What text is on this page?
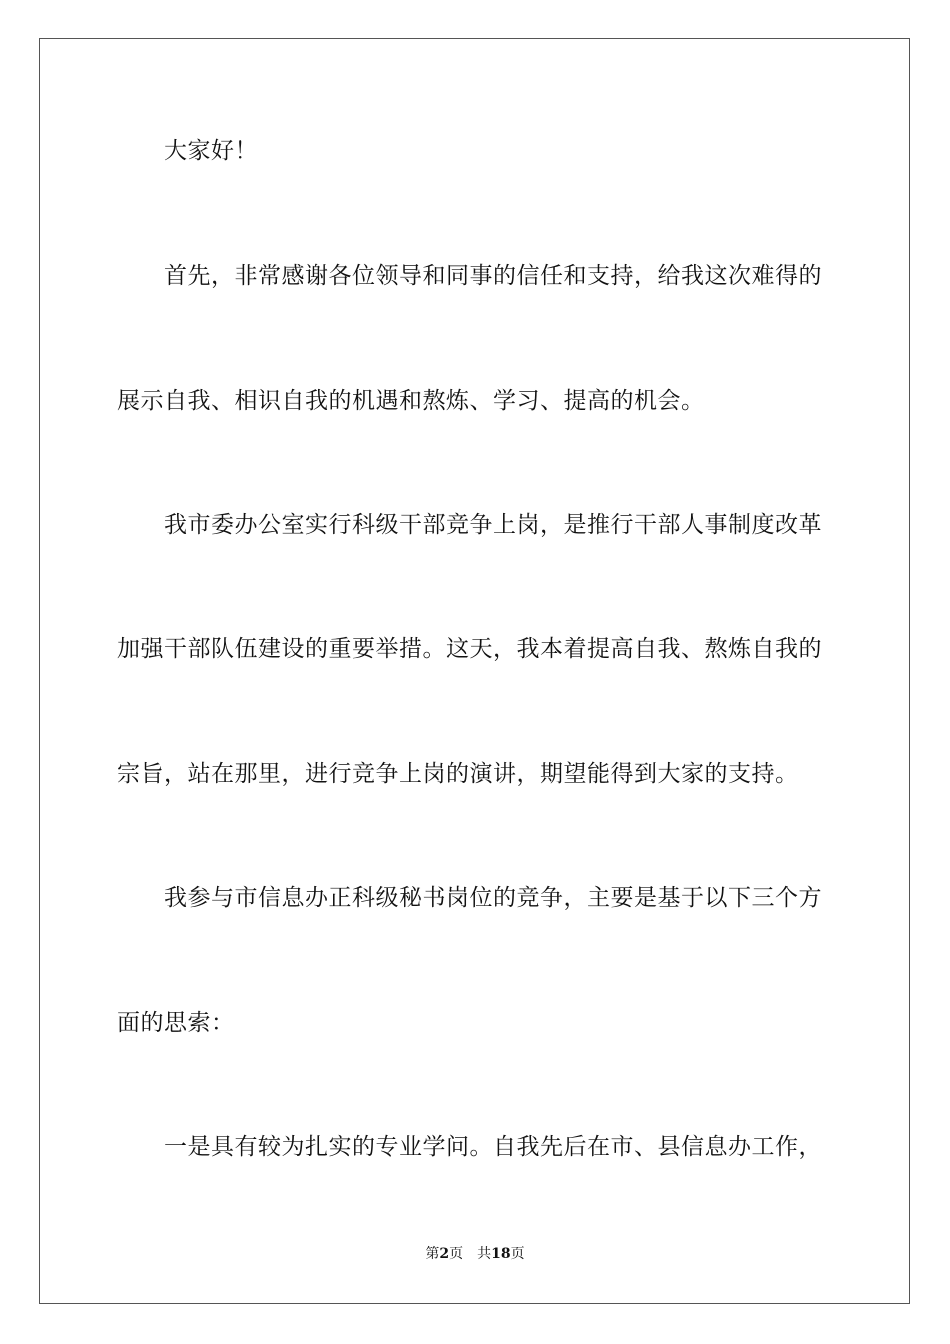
大家好！
首先，非常感谢各位领导和同事的信任和支持，给我这次难得的
展示自我、相识自我的机遇和熬炼、学习、提高的机会。
我市委办公室实行科级干部竞争上岗，是推行干部人事制度改革
加强干部队伍建设的重要举措。这天，我本着提高自我、熬炼自我的
宗旨，站在那里，进行竞争上岗的演讲，期望能得到大家的支持。
我参与市信息办正科级秘书岗位的竞争，主要是基于以下三个方
面的思索：
一是具有较为扎实的专业学问。自我先后在市、县信息办工作，
第2页 共18页
